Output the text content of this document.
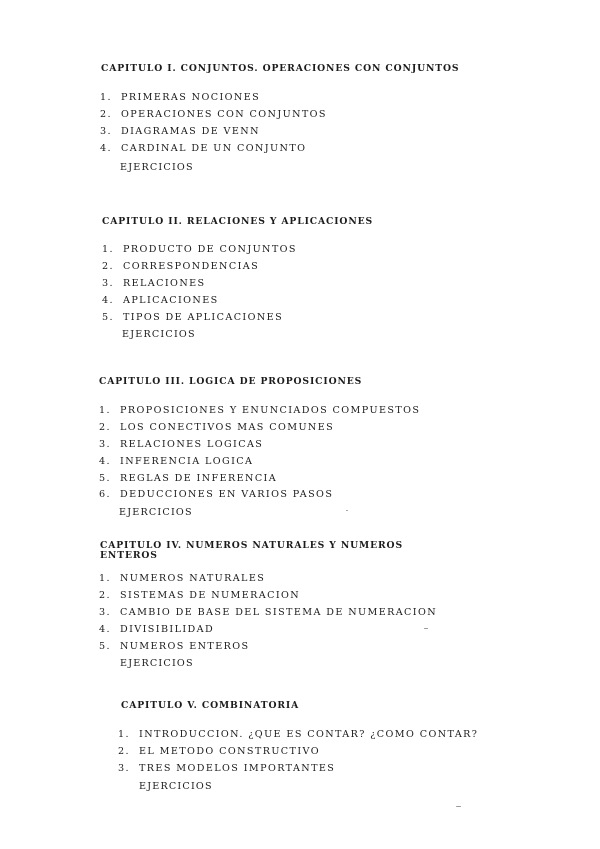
CAPITULO I. CONJUNTOS. OPERACIONES CON CONJUNTOS
1. PRIMERAS NOCIONES
2. OPERACIONES CON CONJUNTOS
3. DIAGRAMAS DE VENN
4. CARDINAL DE UN CONJUNTO
EJERCICIOS
CAPITULO II. RELACIONES Y APLICACIONES
1. PRODUCTO DE CONJUNTOS
2. CORRESPONDENCIAS
3. RELACIONES
4. APLICACIONES
5. TIPOS DE APLICACIONES
EJERCICIOS
CAPITULO III. LOGICA DE PROPOSICIONES
1. PROPOSICIONES Y ENUNCIADOS COMPUESTOS
2. LOS CONECTIVOS MAS COMUNES
3. RELACIONES LOGICAS
4. INFERENCIA LOGICA
5. REGLAS DE INFERENCIA
6. DEDUCCIONES EN VARIOS PASOS
EJERCICIOS
CAPITULO IV. NUMEROS NATURALES Y NUMEROS
ENTEROS
1. NUMEROS NATURALES
2. SISTEMAS DE NUMERACION
3. CAMBIO DE BASE DEL SISTEMA DE NUMERACION
4. DIVISIBILIDAD
5. NUMEROS ENTEROS
EJERCICIOS
CAPITULO V. COMBINATORIA
1. INTRODUCCION. ¿QUE ES CONTAR? ¿COMO CONTAR?
2. EL METODO CONSTRUCTIVO
3. TRES MODELOS IMPORTANTES
EJERCICIOS
